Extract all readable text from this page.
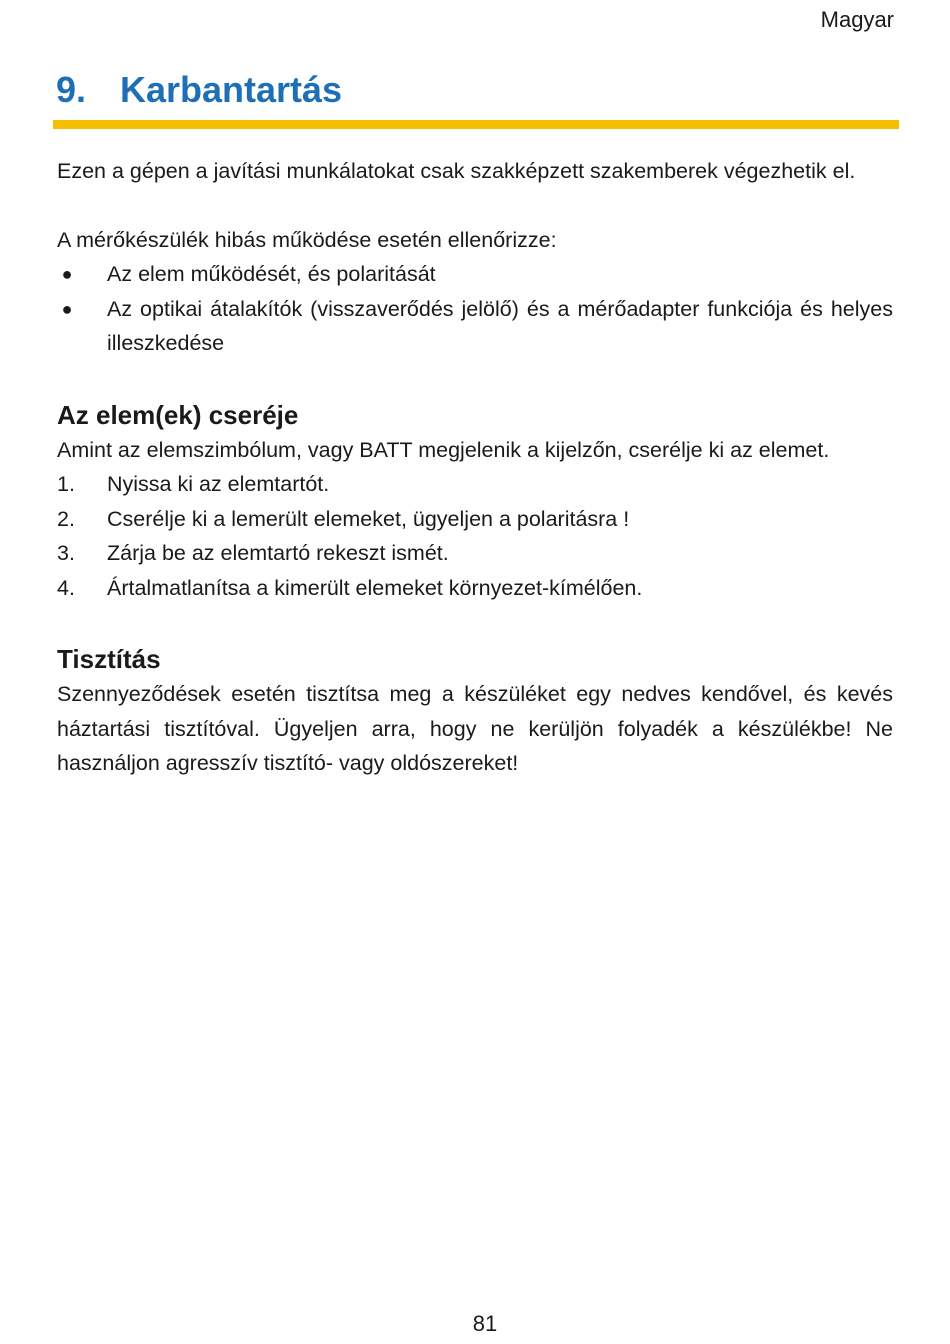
Magyar
9. Karbantartás

Ezen a gépen a javítási munkálatokat csak szakképzett szakemberek végezhetik el.

A mérőkészülék hibás működése esetén ellenőrizze:

● Az elem működését, és polaritását
● Az optikai átalakítók (visszaverődés jelölő) és a mérőadapter funkciója és helyes illeszkedése
Az elem(ek) cseréje

Amint az elemszimbólum, vagy BATT megjelenik a kijelzőn, cserélje ki az elemet.

1. Nyissa ki az elemtartót.
2. Cserélje ki a lemerült elemeket, ügyeljen a polaritásra !
3. Zárja be az elemtartó rekeszt ismét.
4. Ártalmatlanítsa a kimerült elemeket környezet-kímélően.
Tisztítás

Szennyeződések esetén tisztítsa meg a készüléket egy nedves kendővel, és kevés háztartási tisztítóval. Ügyeljen arra, hogy ne kerüljön folyadék a készülékbe! Ne használjon agresszív tisztító- vagy oldószereket!

81
